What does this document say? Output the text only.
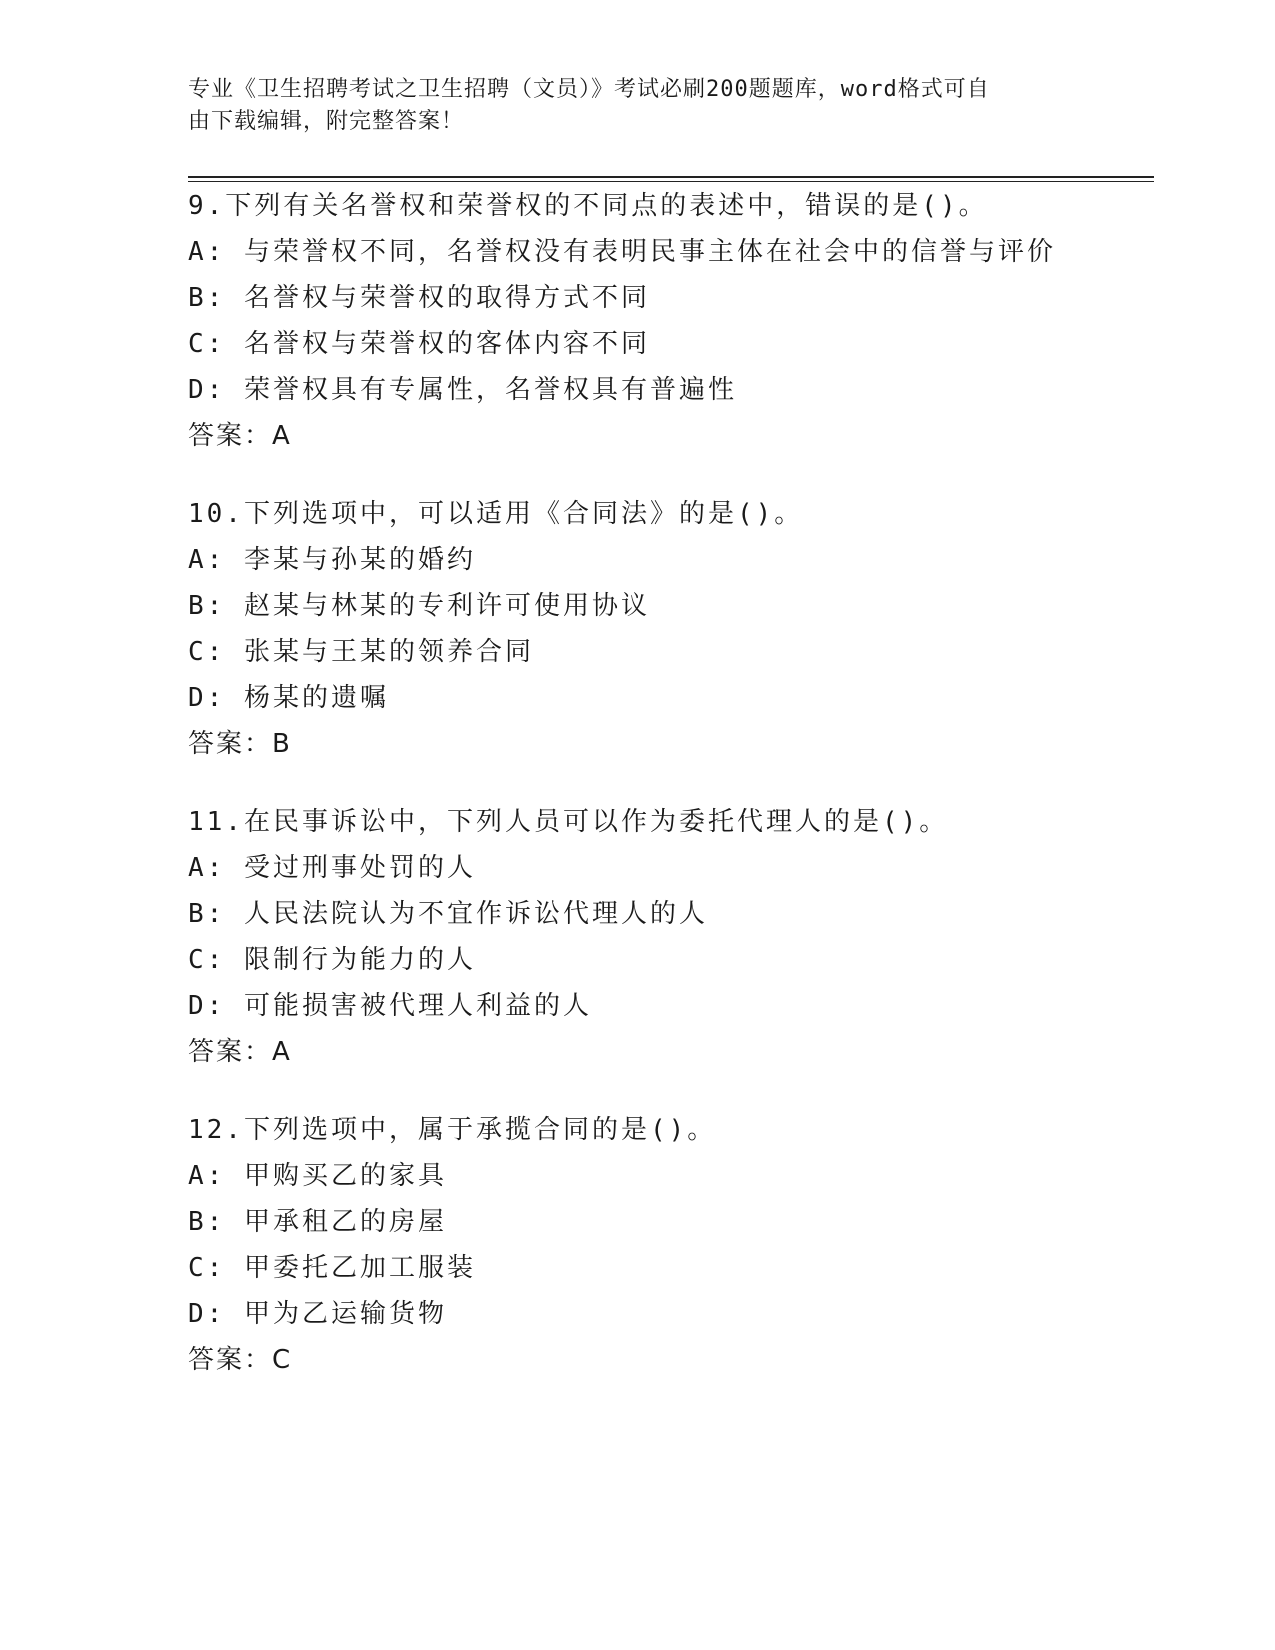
专业《卫生招聘考试之卫生招聘（文员）》考试必刷200题题库，word格式可自
由下载编辑，附完整答案！
9.下列有关名誉权和荣誉权的不同点的表述中，错误的是()。
A: 与荣誉权不同，名誉权没有表明民事主体在社会中的信誉与评价
B: 名誉权与荣誉权的取得方式不同
C: 名誉权与荣誉权的客体内容不同
D: 荣誉权具有专属性，名誉权具有普遍性
答案：A
10.下列选项中，可以适用《合同法》的是()。
A: 李某与孙某的婚约
B: 赵某与林某的专利许可使用协议
C: 张某与王某的领养合同
D: 杨某的遗嘱
答案：B
11.在民事诉讼中，下列人员可以作为委托代理人的是()。
A: 受过刑事处罚的人
B: 人民法院认为不宜作诉讼代理人的人
C: 限制行为能力的人
D: 可能损害被代理人利益的人
答案：A
12.下列选项中，属于承揽合同的是()。
A: 甲购买乙的家具
B: 甲承租乙的房屋
C: 甲委托乙加工服装
D: 甲为乙运输货物
答案：C
